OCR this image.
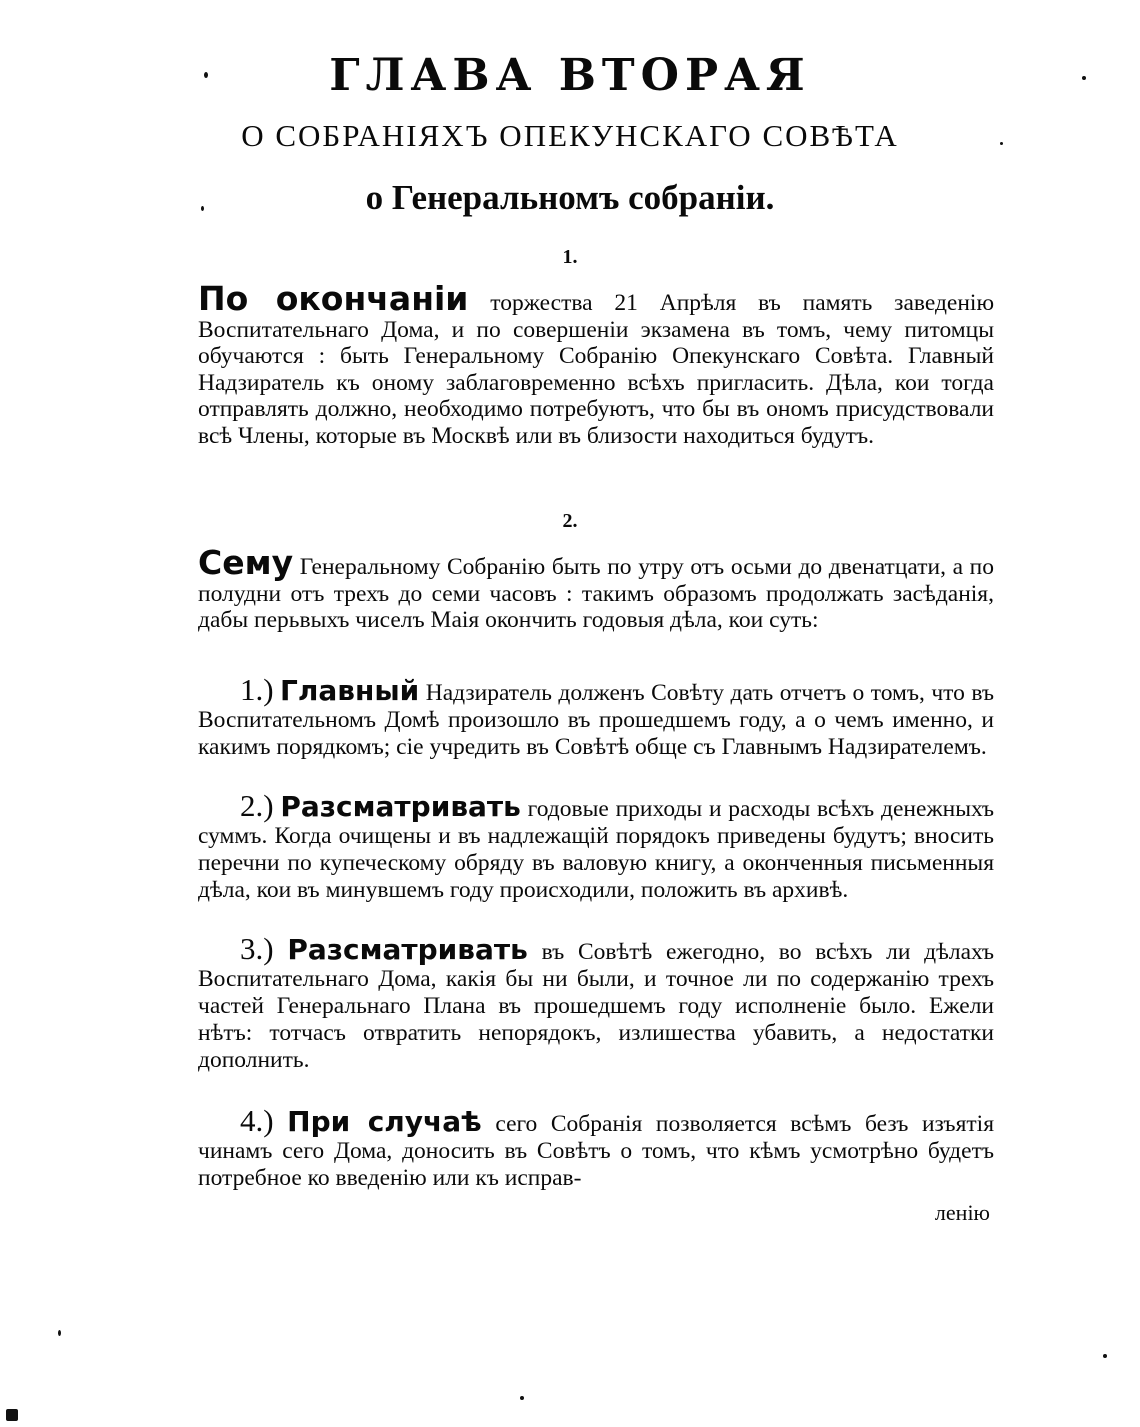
ГЛАВА ВТОРАЯ
О СОБРАНІЯХЪ ОПЕКУНСКАГО СОВѢТА
о Генеральномъ собраніи.
1.

По окончаніи торжества 21 Апрѣля въ память заведенію Воспитательнаго Дома, и по совершеніи экзамена въ томъ, чему питомцы обучаются : быть Генеральному Собранію Опекунскаго Совѣта. Главный Надзиратель къ оному заблаговременно всѣхъ пригласить. Дѣла, кои тогда отправлять должно, необходимо потребуютъ, что бы въ ономъ присудствовали всѣ Члены, которые въ Москвѣ или въ близости находиться будутъ.

2.

Сему Генеральному Собранію быть по утру отъ осьми до двенатцати, а по полудни отъ трехъ до семи часовъ : такимъ образомъ продолжать засѣданія, дабы перьвыхъ чиселъ Маія окончить годовыя дѣла, кои суть:

1.) Главный Надзиратель долженъ Совѣту дать отчетъ о томъ, что въ Воспитательномъ Домѣ произошло въ прошедшемъ году, а о чемъ именно, и какимъ порядкомъ; сіе учредить въ Совѣтѣ обще съ Главнымъ Надзирателемъ.

2.) Разсматривать годовые приходы и расходы всѣхъ денежныхъ суммъ. Когда очищены и въ надлежащій порядокъ приведены будутъ; вносить перечни по купеческому обряду въ валовую книгу, а оконченныя письменныя дѣла, кои въ минувшемъ году происходили, положить въ архивѣ.

3.) Разсматривать въ Совѣтѣ ежегодно, во всѣхъ ли дѣлахъ Воспитательнаго Дома, какія бы ни были, и точное ли по содержанію трехъ частей Генеральнаго Плана въ прошедшемъ году исполненіе было. Ежели нѣтъ: тотчасъ отвратить непорядокъ, излишества убавить, а недостатки дополнить.

4.) При случаѣ сего Собранія позволяется всѣмъ безъ изъятія чинамъ сего Дома, доносить въ Совѣтъ о томъ, что кѣмъ усмотрѣно будетъ потребное ко введенію или къ исправ-

ленію
